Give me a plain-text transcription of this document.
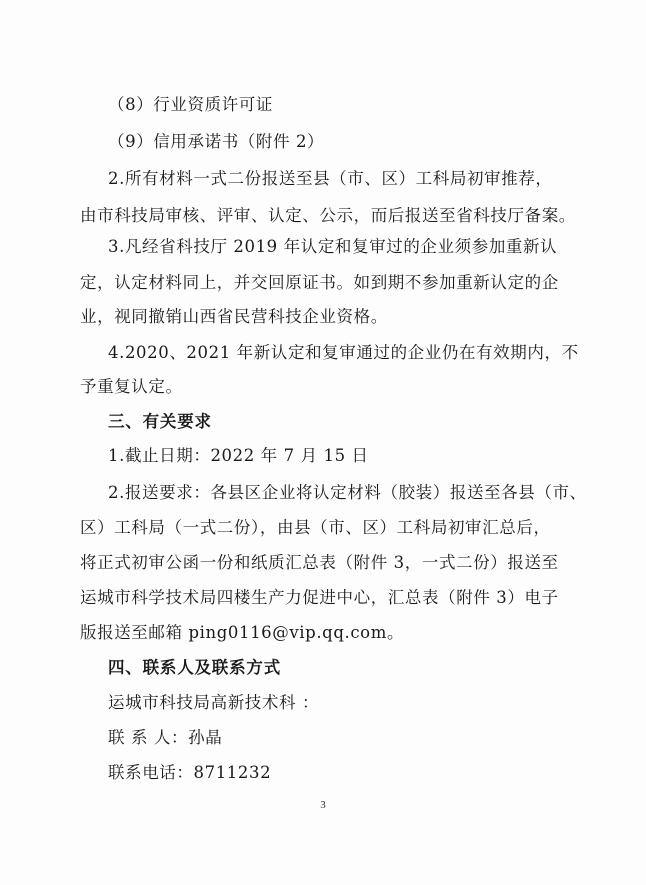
（8）行业资质许可证
（9）信用承诺书（附件 2）
2.所有材料一式二份报送至县（市、区）工科局初审推荐，
由市科技局审核、评审、认定、公示，而后报送至省科技厅备案。
3.凡经省科技厅 2019 年认定和复审过的企业须参加重新认
定，认定材料同上，并交回原证书。如到期不参加重新认定的企
业，视同撤销山西省民营科技企业资格。
4.2020、2021 年新认定和复审通过的企业仍在有效期内，不
予重复认定。
三、有关要求
1.截止日期：2022 年 7 月 15 日
2.报送要求：各县区企业将认定材料（胶装）报送至各县（市、
区）工科局（一式二份），由县（市、区）工科局初审汇总后，
将正式初审公函一份和纸质汇总表（附件 3，一式二份）报送至
运城市科学技术局四楼生产力促进中心，汇总表（附件 3）电子
版报送至邮箱 ping0116@vip.qq.com。
四、联系人及联系方式
运城市科技局高新技术科 ：
联 系 人：孙晶
联系电话：8711232
3
